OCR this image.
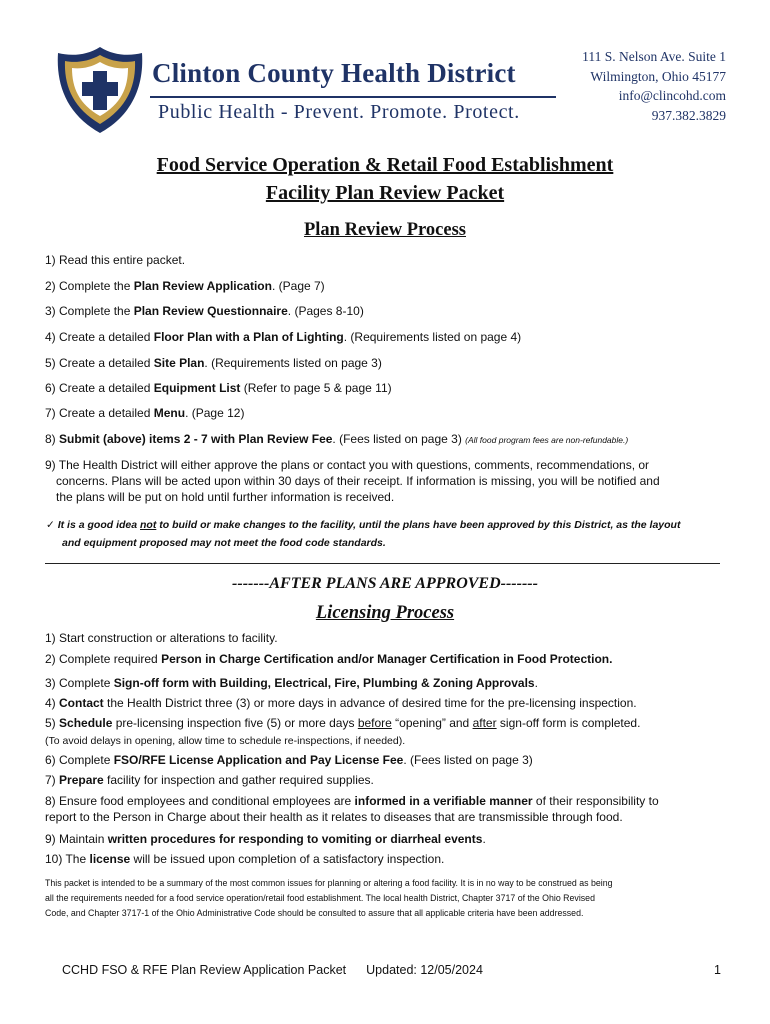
Clinton County Health District
Public Health - Prevent. Promote. Protect.
111 S. Nelson Ave. Suite 1
Wilmington, Ohio 45177
info@clincohd.com
937.382.3829
Food Service Operation & Retail Food Establishment
Facility Plan Review Packet
Plan Review Process
1) Read this entire packet.
2) Complete the Plan Review Application. (Page 7)
3) Complete the Plan Review Questionnaire. (Pages 8-10)
4) Create a detailed Floor Plan with a Plan of Lighting. (Requirements listed on page 4)
5) Create a detailed Site Plan. (Requirements listed on page 3)
6) Create a detailed Equipment List (Refer to page 5 & page 11)
7) Create a detailed Menu. (Page 12)
8) Submit (above) items 2 - 7 with Plan Review Fee. (Fees listed on page 3) (All food program fees are non-refundable.)
9) The Health District will either approve the plans or contact you with questions, comments, recommendations, or
concerns. Plans will be acted upon within 30 days of their receipt. If information is missing, you will be notified and
the plans will be put on hold until further information is received.
✓ It is a good idea not to build or make changes to the facility, until the plans have been approved by this District, as the layout
and equipment proposed may not meet the food code standards.
-------AFTER PLANS ARE APPROVED-------
Licensing Process
1) Start construction or alterations to facility.
2) Complete required Person in Charge Certification and/or Manager Certification in Food Protection.
3) Complete Sign-off form with Building, Electrical, Fire, Plumbing & Zoning Approvals.
4) Contact the Health District three (3) or more days in advance of desired time for the pre-licensing inspection.
5) Schedule pre-licensing inspection five (5) or more days before “opening” and after sign-off form is completed.
(To avoid delays in opening, allow time to schedule re-inspections, if needed).
6) Complete FSO/RFE License Application and Pay License Fee. (Fees listed on page 3)
7) Prepare facility for inspection and gather required supplies.
8) Ensure food employees and conditional employees are informed in a verifiable manner of their responsibility to
report to the Person in Charge about their health as it relates to diseases that are transmissible through food.
9) Maintain written procedures for responding to vomiting or diarrheal events.
10) The license will be issued upon completion of a satisfactory inspection.
This packet is intended to be a summary of the most common issues for planning or altering a food facility. It is in no way to be construed as being
all the requirements needed for a food service operation/retail food establishment. The local health District, Chapter 3717 of the Ohio Revised
Code, and Chapter 3717-1 of the Ohio Administrative Code should be consulted to assure that all applicable criteria have been addressed.
CCHD FSO & RFE Plan Review Application Packet Updated: 12/05/2024	1
